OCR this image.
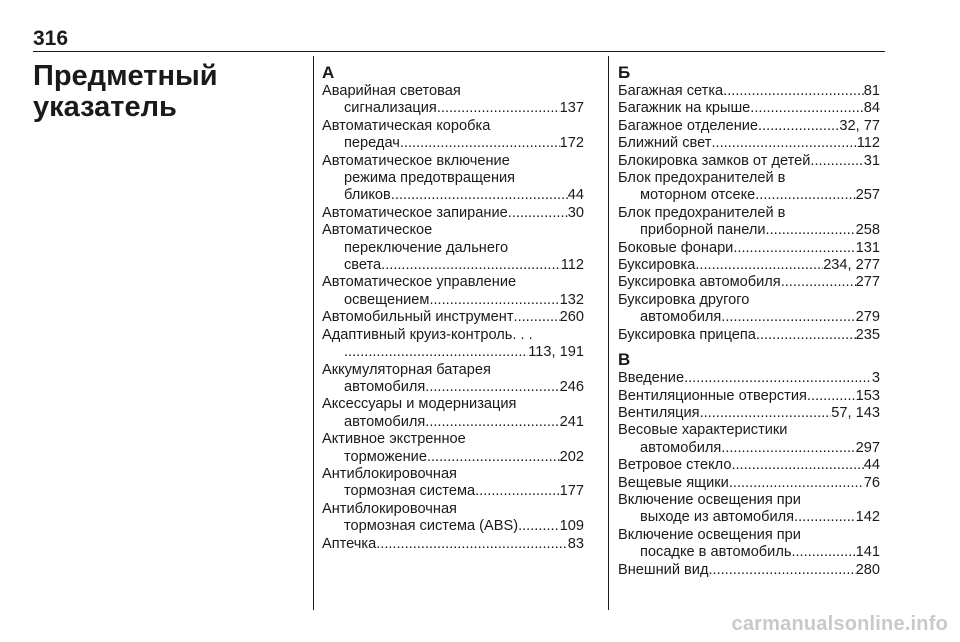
316
Предметный указатель
А
Аварийная световая
сигнализация .....	137
Автоматическая коробка
передач .....	172
Автоматическое включение
режима предотвращения
бликов .....	44
Автоматическое запирание .....	30
Автоматическое
переключение дальнего
света .....	112
Автоматическое управление
освещением .....	132
Автомобильный инструмент .....	260
Адаптивный круиз-контроль. . .
.....
113, 191
Аккумуляторная батарея
автомобиля .....	246
Аксессуары и модернизация
автомобиля .....	241
Активное экстренное
торможение .....	202
Антиблокировочная
тормозная система .....	177
Антиблокировочная
тормозная система (ABS) .....	109
Аптечка .....	83
Б
Багажная сетка .....	81
Багажник на крыше .....	84
Багажное отделение .....	32, 77
Ближний свет .....	112
Блокировка замков от детей .....	31
Блок предохранителей в
моторном отсеке .....	257
Блок предохранителей в
приборной панели .....	258
Боковые фонари .....	131
Буксировка .....	234, 277
Буксировка автомобиля .....	277
Буксировка другого
автомобиля .....	279
Буксировка прицепа .....	235
В
Введение .....	3
Вентиляционные отверстия .....	153
Вентиляция .....	57, 143
Весовые характеристики
автомобиля .....	297
Ветровое стекло .....	44
Вещевые ящики .....	76
Включение освещения при
выходе из автомобиля .....	142
Включение освещения при
посадке в автомобиль .....	141
Внешний вид .....	280
carmanualsonline.info
